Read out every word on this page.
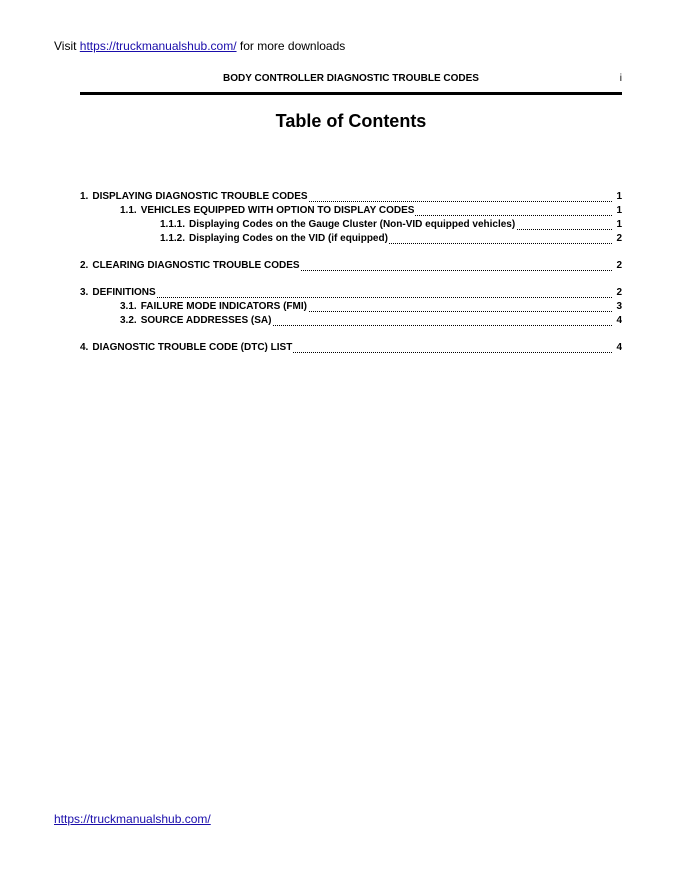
Visit https://truckmanualshub.com/ for more downloads
BODY CONTROLLER DIAGNOSTIC TROUBLE CODES	i
Table of Contents
1. DISPLAYING DIAGNOSTIC TROUBLE CODES	1
1.1. VEHICLES EQUIPPED WITH OPTION TO DISPLAY CODES	1
1.1.1. Displaying Codes on the Gauge Cluster (Non-VID equipped vehicles)	1
1.1.2. Displaying Codes on the VID (if equipped)	2
2. CLEARING DIAGNOSTIC TROUBLE CODES	2
3. DEFINITIONS	2
3.1. FAILURE MODE INDICATORS (FMI)	3
3.2. SOURCE ADDRESSES (SA)	4
4. DIAGNOSTIC TROUBLE CODE (DTC) LIST	4
https://truckmanualshub.com/
